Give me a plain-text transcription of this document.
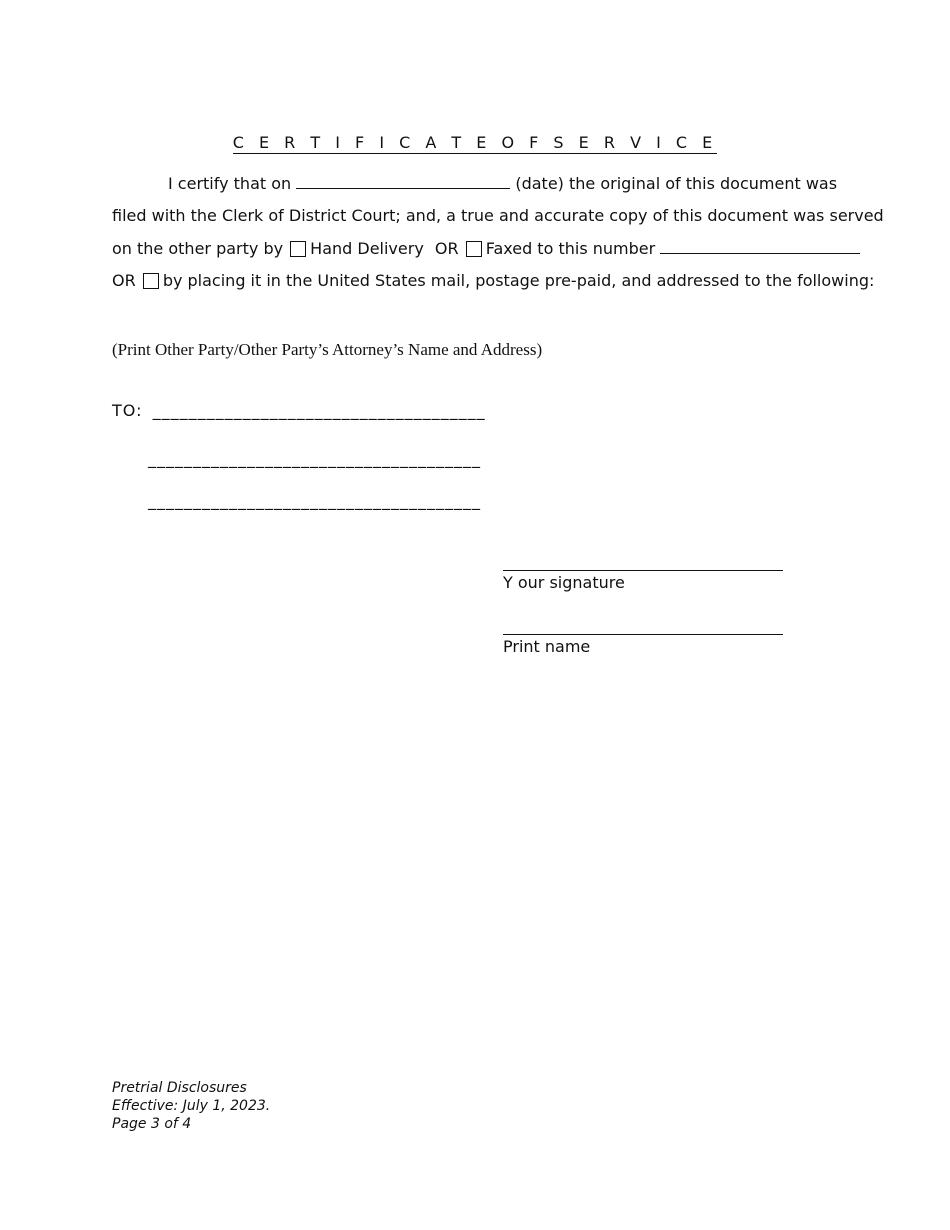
C E R T I F I C A T E O F S E R V I C E
I certify that on	(date) the original of this document was
filed with the Clerk of District Court; and, a true and accurate copy of this document was served
on the other party by Hand Delivery OR Faxed to this number
OR by placing it in the United States mail, postage pre-paid, and addressed to the following:
(Print Other Party/Other Party’s Attorney’s Name and Address)
TO: _____________________________________
_____________________________________
_____________________________________
Y our signature
Print name
Pretrial Disclosures
Effective: July 1, 2023.
Page 3 of 4
